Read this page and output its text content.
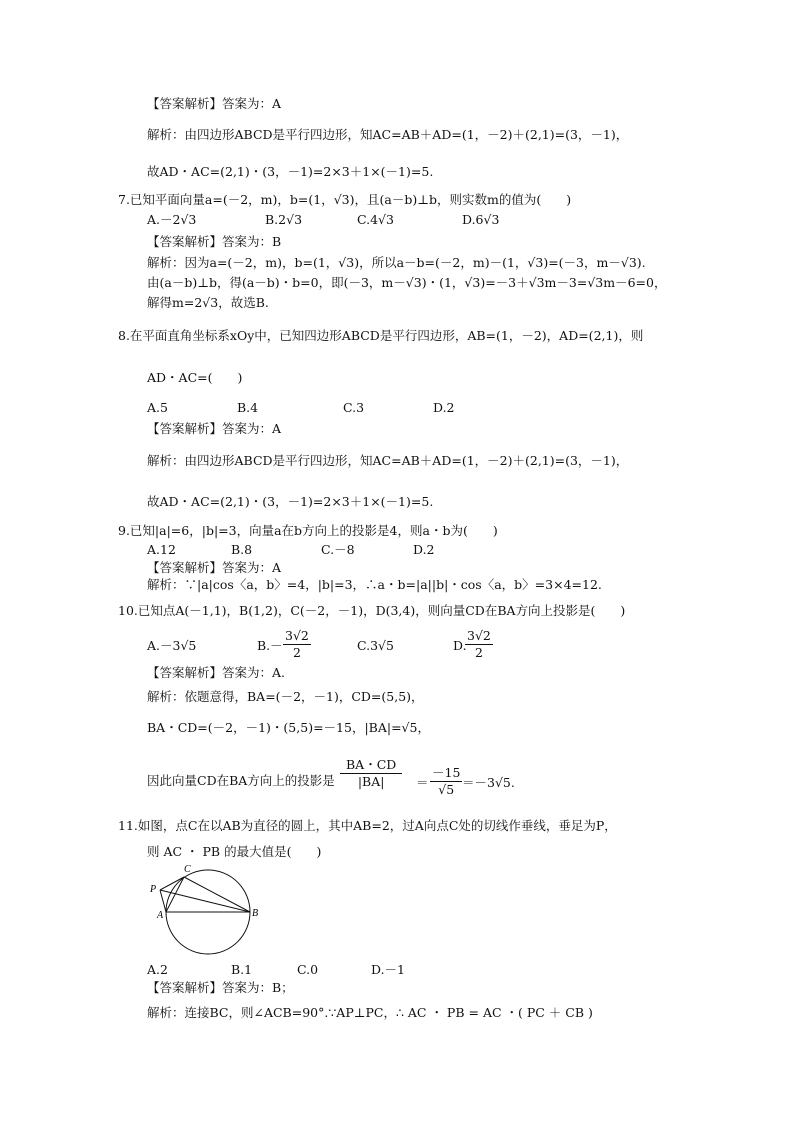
【答案解析】答案为：A
解析：由四边形ABCD是平行四边形，知AC=AB＋AD=(1，－2)＋(2,1)=(3，－1)，
故AD・AC=(2,1)・(3，－1)=2×3＋1×(－1)=5.
7.已知平面向量a=(－2，m)，b=(1，√3)，且(a－b)⊥b，则实数m的值为(　　)
A.－2√3	B.2√3	C.4√3	D.6√3
【答案解析】答案为：B
解析：因为a=(－2，m)，b=(1，√3)，所以a－b=(－2，m)－(1，√3)=(－3，m－√3).
由(a－b)⊥b，得(a－b)・b=0，即(－3，m－√3)・(1，√3)=－3＋√3m－3=√3m－6=0，
解得m=2√3，故选B.
8.在平面直角坐标系xOy中，已知四边形ABCD是平行四边形，AB=(1，－2)，AD=(2,1)，则
AD・AC=(　　)
A.5	B.4	C.3	D.2
【答案解析】答案为：A
解析：由四边形ABCD是平行四边形，知AC=AB＋AD=(1，－2)＋(2,1)=(3，－1)，
故AD・AC=(2,1)・(3，－1)=2×3＋1×(－1)=5.
9.已知|a|=6，|b|=3，向量a在b方向上的投影是4，则a・b为(　　)
A.12	B.8	C.－8	D.2
【答案解析】答案为：A
解析：∵|a|cos〈a，b〉=4，|b|=3，∴a・b=|a||b|・cos〈a，b〉=3×4=12.
10.已知点A(－1,1)，B(1,2)，C(－2，－1)，D(3,4)，则向量CD在BA方向上投影是(　　)
A.－3√5	$B.- \frac{3√2}{2}$	C.3√5	D.
$\frac{3√2}{2}$
【答案解析】答案为：A.
解析：依题意得，BA=(－2，－1)，CD=(5,5)，
BA・CD=(－2，－1)・(5,5)=－15，|BA|=√5，
因此向量CD在BA方向上的投影是 $\frac{BA・CD}{|BA|} = \frac{-15}{√5} =-3√5$.
11.如图，点C在以AB为直径的圆上，其中AB=2，过A向点C处的切线作垂线，垂足为P，
则 AC ・ PB 的最大值是(　　)
P
C
A	B
A.2	B.1	C.0	D.－1
【答案解析】答案为：B；
解析：连接BC，则∠ACB=90°.∵AP⊥PC，∴ AC ・ PB = AC ・( PC ＋ CB )
